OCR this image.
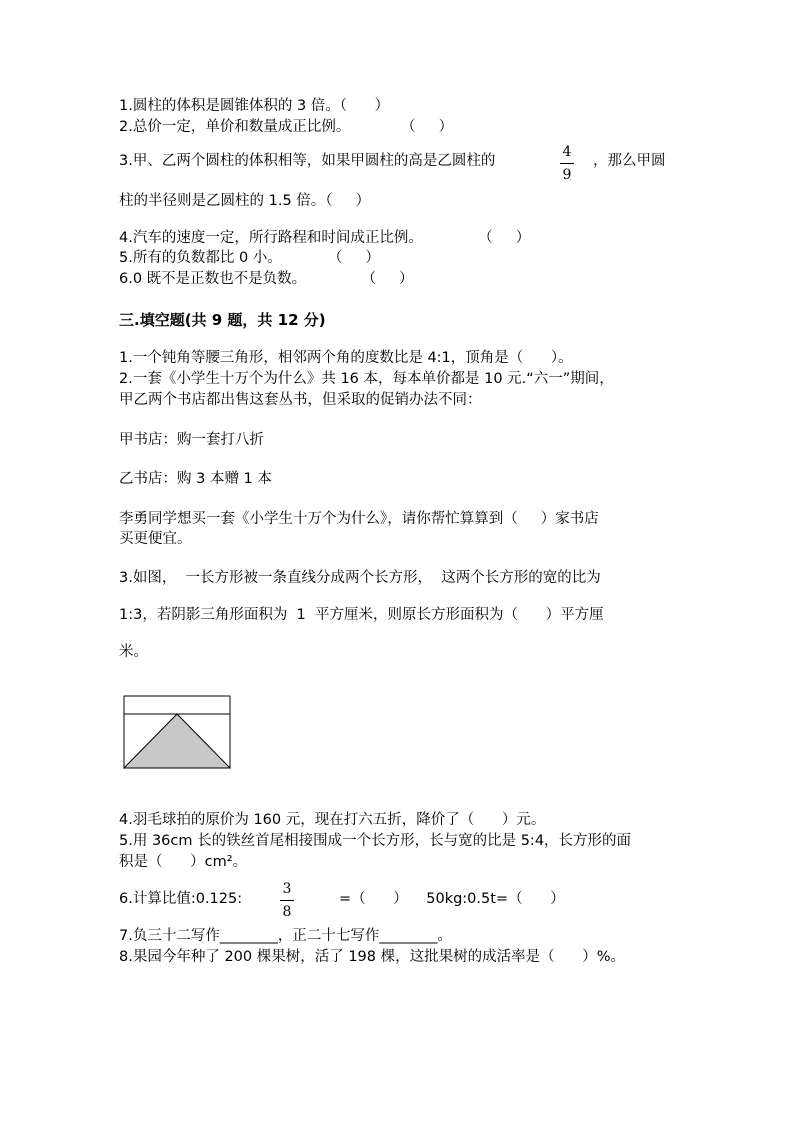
1.圆柱的体积是圆锥体积的 3 倍。（      ）
2.总价一定，单价和数量成正比例。           （     ）
3.甲、乙两个圆柱的体积相等，如果甲圆柱的高是乙圆柱的
4
9
，那么甲圆
柱的半径则是乙圆柱的 1.5 倍。（     ）
4.汽车的速度一定，所行路程和时间成正比例。            （     ）
5.所有的负数都比 0 小。          （     ）
6.0 既不是正数也不是负数。            （     ）
三.填空题(共 9 题，共 12 分)
1.一个钝角等腰三角形，相邻两个角的度数比是 4:1，顶角是（      ）。
2.一套《小学生十万个为什么》共 16 本，每本单价都是 10 元.“六一”期间，
甲乙两个书店都出售这套丛书，但采取的促销办法不同：
甲书店：购一套打八折
乙书店：购 3 本赠 1 本
李勇同学想买一套《小学生十万个为什么》，请你帮忙算算到（     ）家书店
买更便宜。
3.如图，  一长方形被一条直线分成两个长方形，  这两个长方形的宽的比为
1:3，若阴影三角形面积为  1  平方厘米，则原长方形面积为（      ）平方厘
米。
4.羽毛球拍的原价为 160 元，现在打六五折，降价了（      ）元。
5.用 36cm 长的铁丝首尾相接围成一个长方形，长与宽的比是 5:4，长方形的面
积是（      ）cm²。
6.计算比值:0.125:
3
8
=（      ）    50kg:0.5t=（      ）
7.负三十二写作________，正二十七写作________。
8.果园今年种了 200 棵果树，活了 198 棵，这批果树的成活率是（      ）%。
